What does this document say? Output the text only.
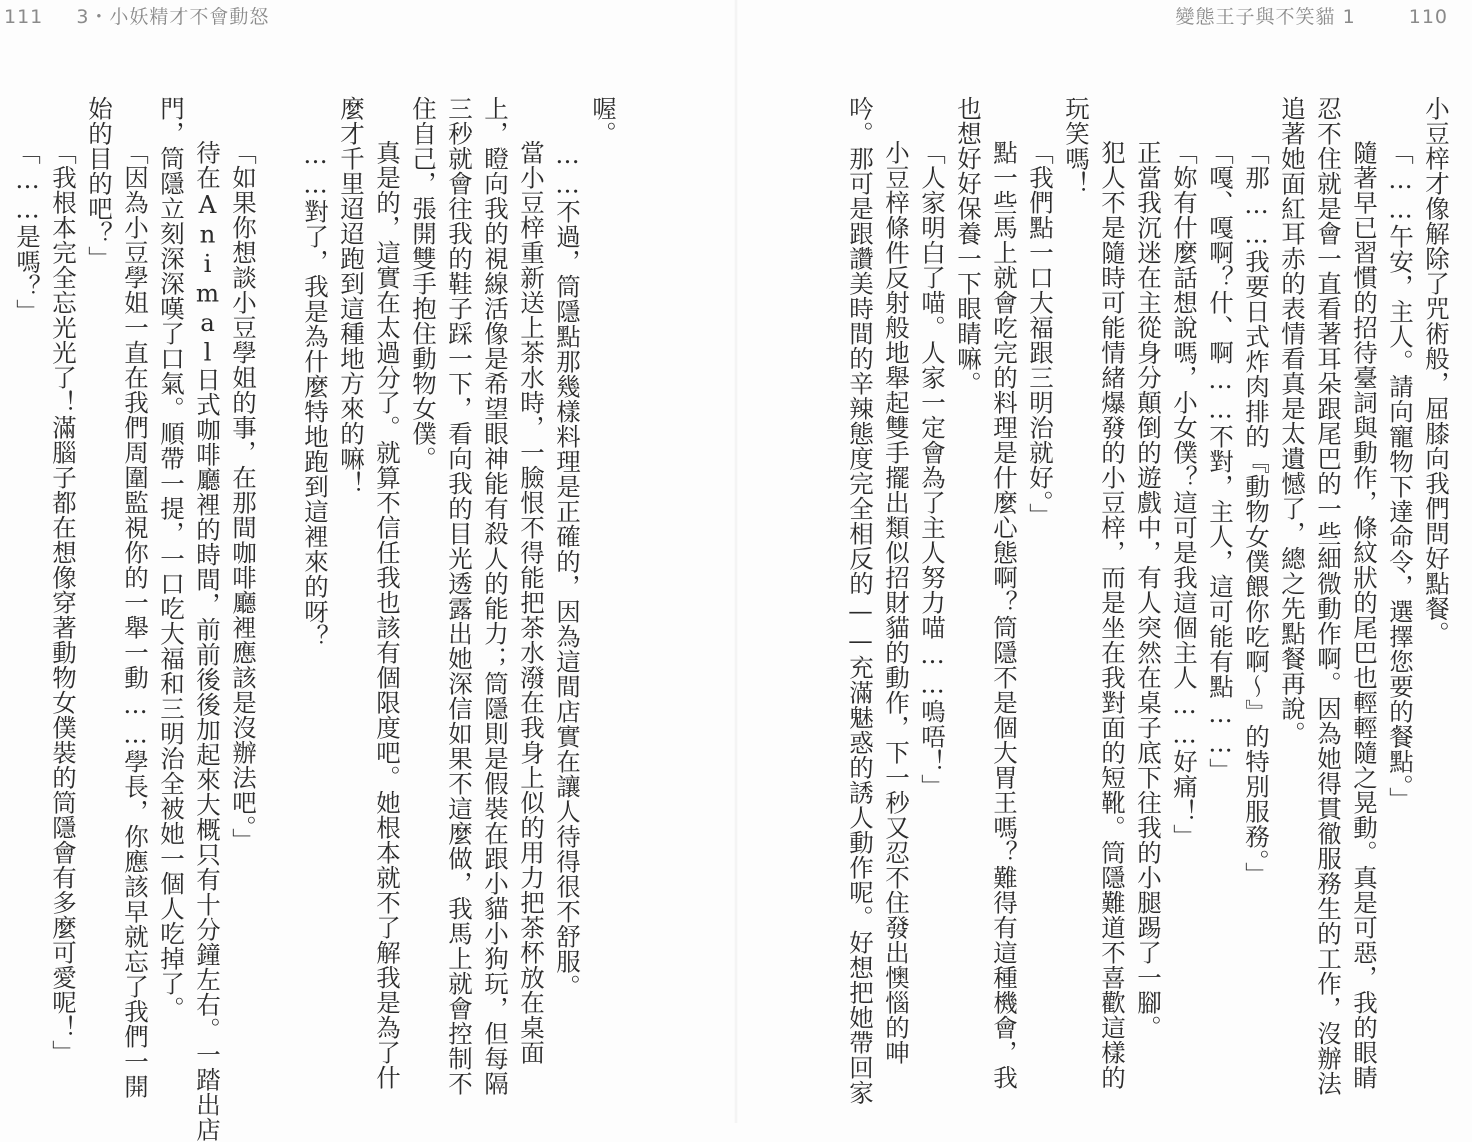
111 3・小妖精才不會動怒	變態王子與不笑貓 1	110
小豆梓才像解除了咒術般，屈膝向我們問好點餐。
「……午安，主人。請向寵物下達命令，選擇您要的餐點。」
隨著早已習慣的招待臺詞與動作，條紋狀的尾巴也輕輕隨之晃動。真是可惡，我的眼睛
忍不住就是會一直看著耳朵跟尾巴的一些細微動作啊。因為她得貫徹服務生的工作，沒辦法
追著她面紅耳赤的表情看真是太遺憾了，總之先點餐再說。
「那……我要日式炸肉排的『動物女僕餵你吃啊～』的特別服務。」
「嘎、嘎啊？什、啊……不對，主人，這可能有點……」
「妳有什麼話想說嗎，小女僕？這可是我這個主人……好痛！」
正當我沉迷在主從身分顛倒的遊戲中，有人突然在桌子底下往我的小腿踢了一腳。
犯人不是隨時可能情緒爆發的小豆梓，而是坐在我對面的短靴。筒隱難道不喜歡這樣的
玩笑嗎！
「我們點一口大福跟三明治就好。」
點一些馬上就會吃完的料理是什麼心態啊？筒隱不是個大胃王嗎？難得有這種機會，我
也想好好保養一下眼睛嘛。
「人家明白了喵。人家一定會為了主人努力喵……嗚唔！」
小豆梓條件反射般地舉起雙手擺出類似招財貓的動作，下一秒又忍不住發出懊惱的呻
吟。那可是跟讚美時間的辛辣態度完全相反的——充滿魅惑的誘人動作呢。好想把她帶回家
喔。
……不過，筒隱點那幾樣料理是正確的，因為這間店實在讓人待得很不舒服。
當小豆梓重新送上茶水時，一臉恨不得能把茶水潑在我身上似的用力把茶杯放在桌面
上，瞪向我的視線活像是希望眼神能有殺人的能力；筒隱則是假裝在跟小貓小狗玩，但每隔
三秒就會往我的鞋子踩一下，看向我的目光透露出她深信如果不這麼做，我馬上就會控制不
住自己，張開雙手抱住動物女僕。
真是的，這實在太過分了。就算不信任我也該有個限度吧。她根本就不了解我是為了什
麼才千里迢迢跑到這種地方來的嘛！
……對了，我是為什麼特地跑到這裡來的呀？
「如果你想談小豆學姐的事，在那間咖啡廳裡應該是沒辦法吧。」
待在Animal日式咖啡廳裡的時間，前前後後加起來大概只有十分鐘左右。一踏出店
門，筒隱立刻深深嘆了口氣。順帶一提，一口吃大福和三明治全被她一個人吃掉了。
「因為小豆學姐一直在我們周圍監視你的一舉一動……學長，你應該早就忘了我們一開
始的目的吧？」
「我根本完全忘光光了！滿腦子都在想像穿著動物女僕裝的筒隱會有多麼可愛呢！」
「……是嗎？」
